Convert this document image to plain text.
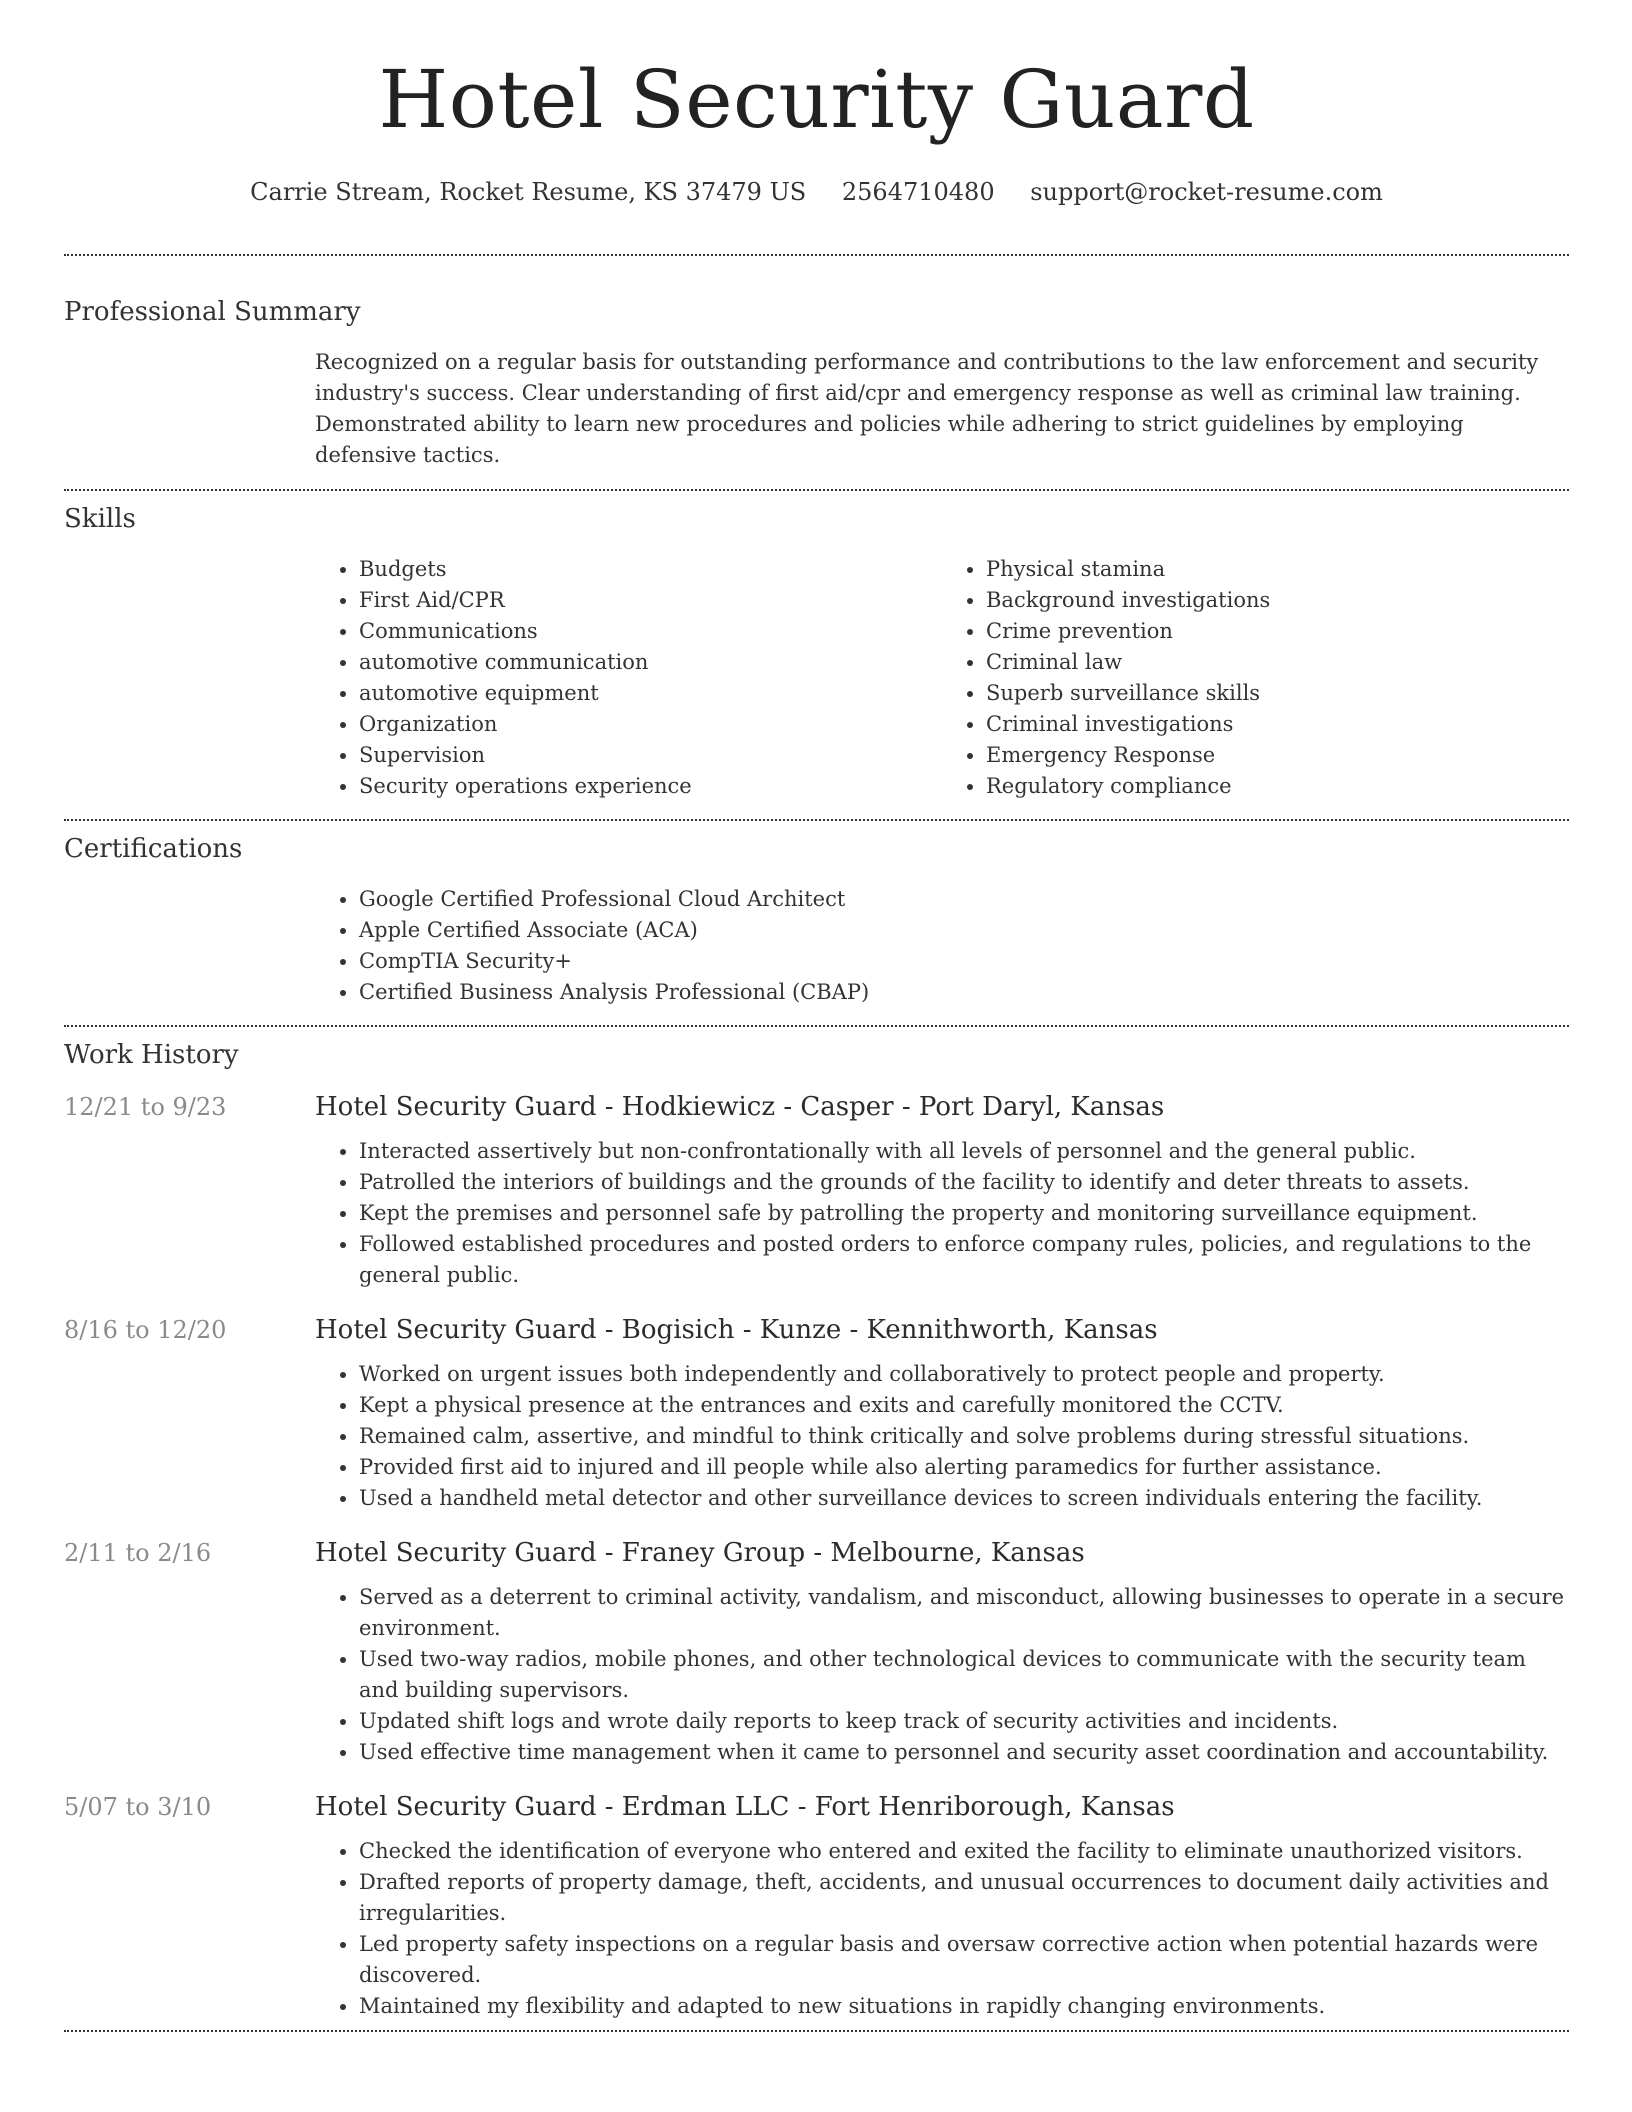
Hotel Security Guard
Carrie Stream, Rocket Resume, KS 37479 US 2564710480 support@rocket-resume.com
Professional Summary
Recognized on a regular basis for outstanding performance and contributions to the law enforcement and security industry's success. Clear understanding of first aid/cpr and emergency response as well as criminal law training. Demonstrated ability to learn new procedures and policies while adhering to strict guidelines by employing defensive tactics.
Skills
• Budgets
• First Aid/CPR
• Communications
• automotive communication
• automotive equipment
• Organization
• Supervision
• Security operations experience
• Physical stamina
• Background investigations
• Crime prevention
• Criminal law
• Superb surveillance skills
• Criminal investigations
• Emergency Response
• Regulatory compliance
Certifications
• Google Certified Professional Cloud Architect
• Apple Certified Associate (ACA)
• CompTIA Security+
• Certified Business Analysis Professional (CBAP)
Work History
12/21 to 9/23	Hotel Security Guard - Hodkiewicz - Casper - Port Daryl, Kansas
• Interacted assertively but non-confrontationally with all levels of personnel and the general public.
• Patrolled the interiors of buildings and the grounds of the facility to identify and deter threats to assets.
• Kept the premises and personnel safe by patrolling the property and monitoring surveillance equipment.
• Followed established procedures and posted orders to enforce company rules, policies, and regulations to the general public.
8/16 to 12/20	Hotel Security Guard - Bogisich - Kunze - Kennithworth, Kansas
• Worked on urgent issues both independently and collaboratively to protect people and property.
• Kept a physical presence at the entrances and exits and carefully monitored the CCTV.
• Remained calm, assertive, and mindful to think critically and solve problems during stressful situations.
• Provided first aid to injured and ill people while also alerting paramedics for further assistance.
• Used a handheld metal detector and other surveillance devices to screen individuals entering the facility.
2/11 to 2/16	Hotel Security Guard - Franey Group - Melbourne, Kansas
• Served as a deterrent to criminal activity, vandalism, and misconduct, allowing businesses to operate in a secure environment.
• Used two-way radios, mobile phones, and other technological devices to communicate with the security team and building supervisors.
• Updated shift logs and wrote daily reports to keep track of security activities and incidents.
• Used effective time management when it came to personnel and security asset coordination and accountability.
5/07 to 3/10	Hotel Security Guard - Erdman LLC - Fort Henriborough, Kansas
• Checked the identification of everyone who entered and exited the facility to eliminate unauthorized visitors.
• Drafted reports of property damage, theft, accidents, and unusual occurrences to document daily activities and irregularities.
• Led property safety inspections on a regular basis and oversaw corrective action when potential hazards were discovered.
• Maintained my flexibility and adapted to new situations in rapidly changing environments.
